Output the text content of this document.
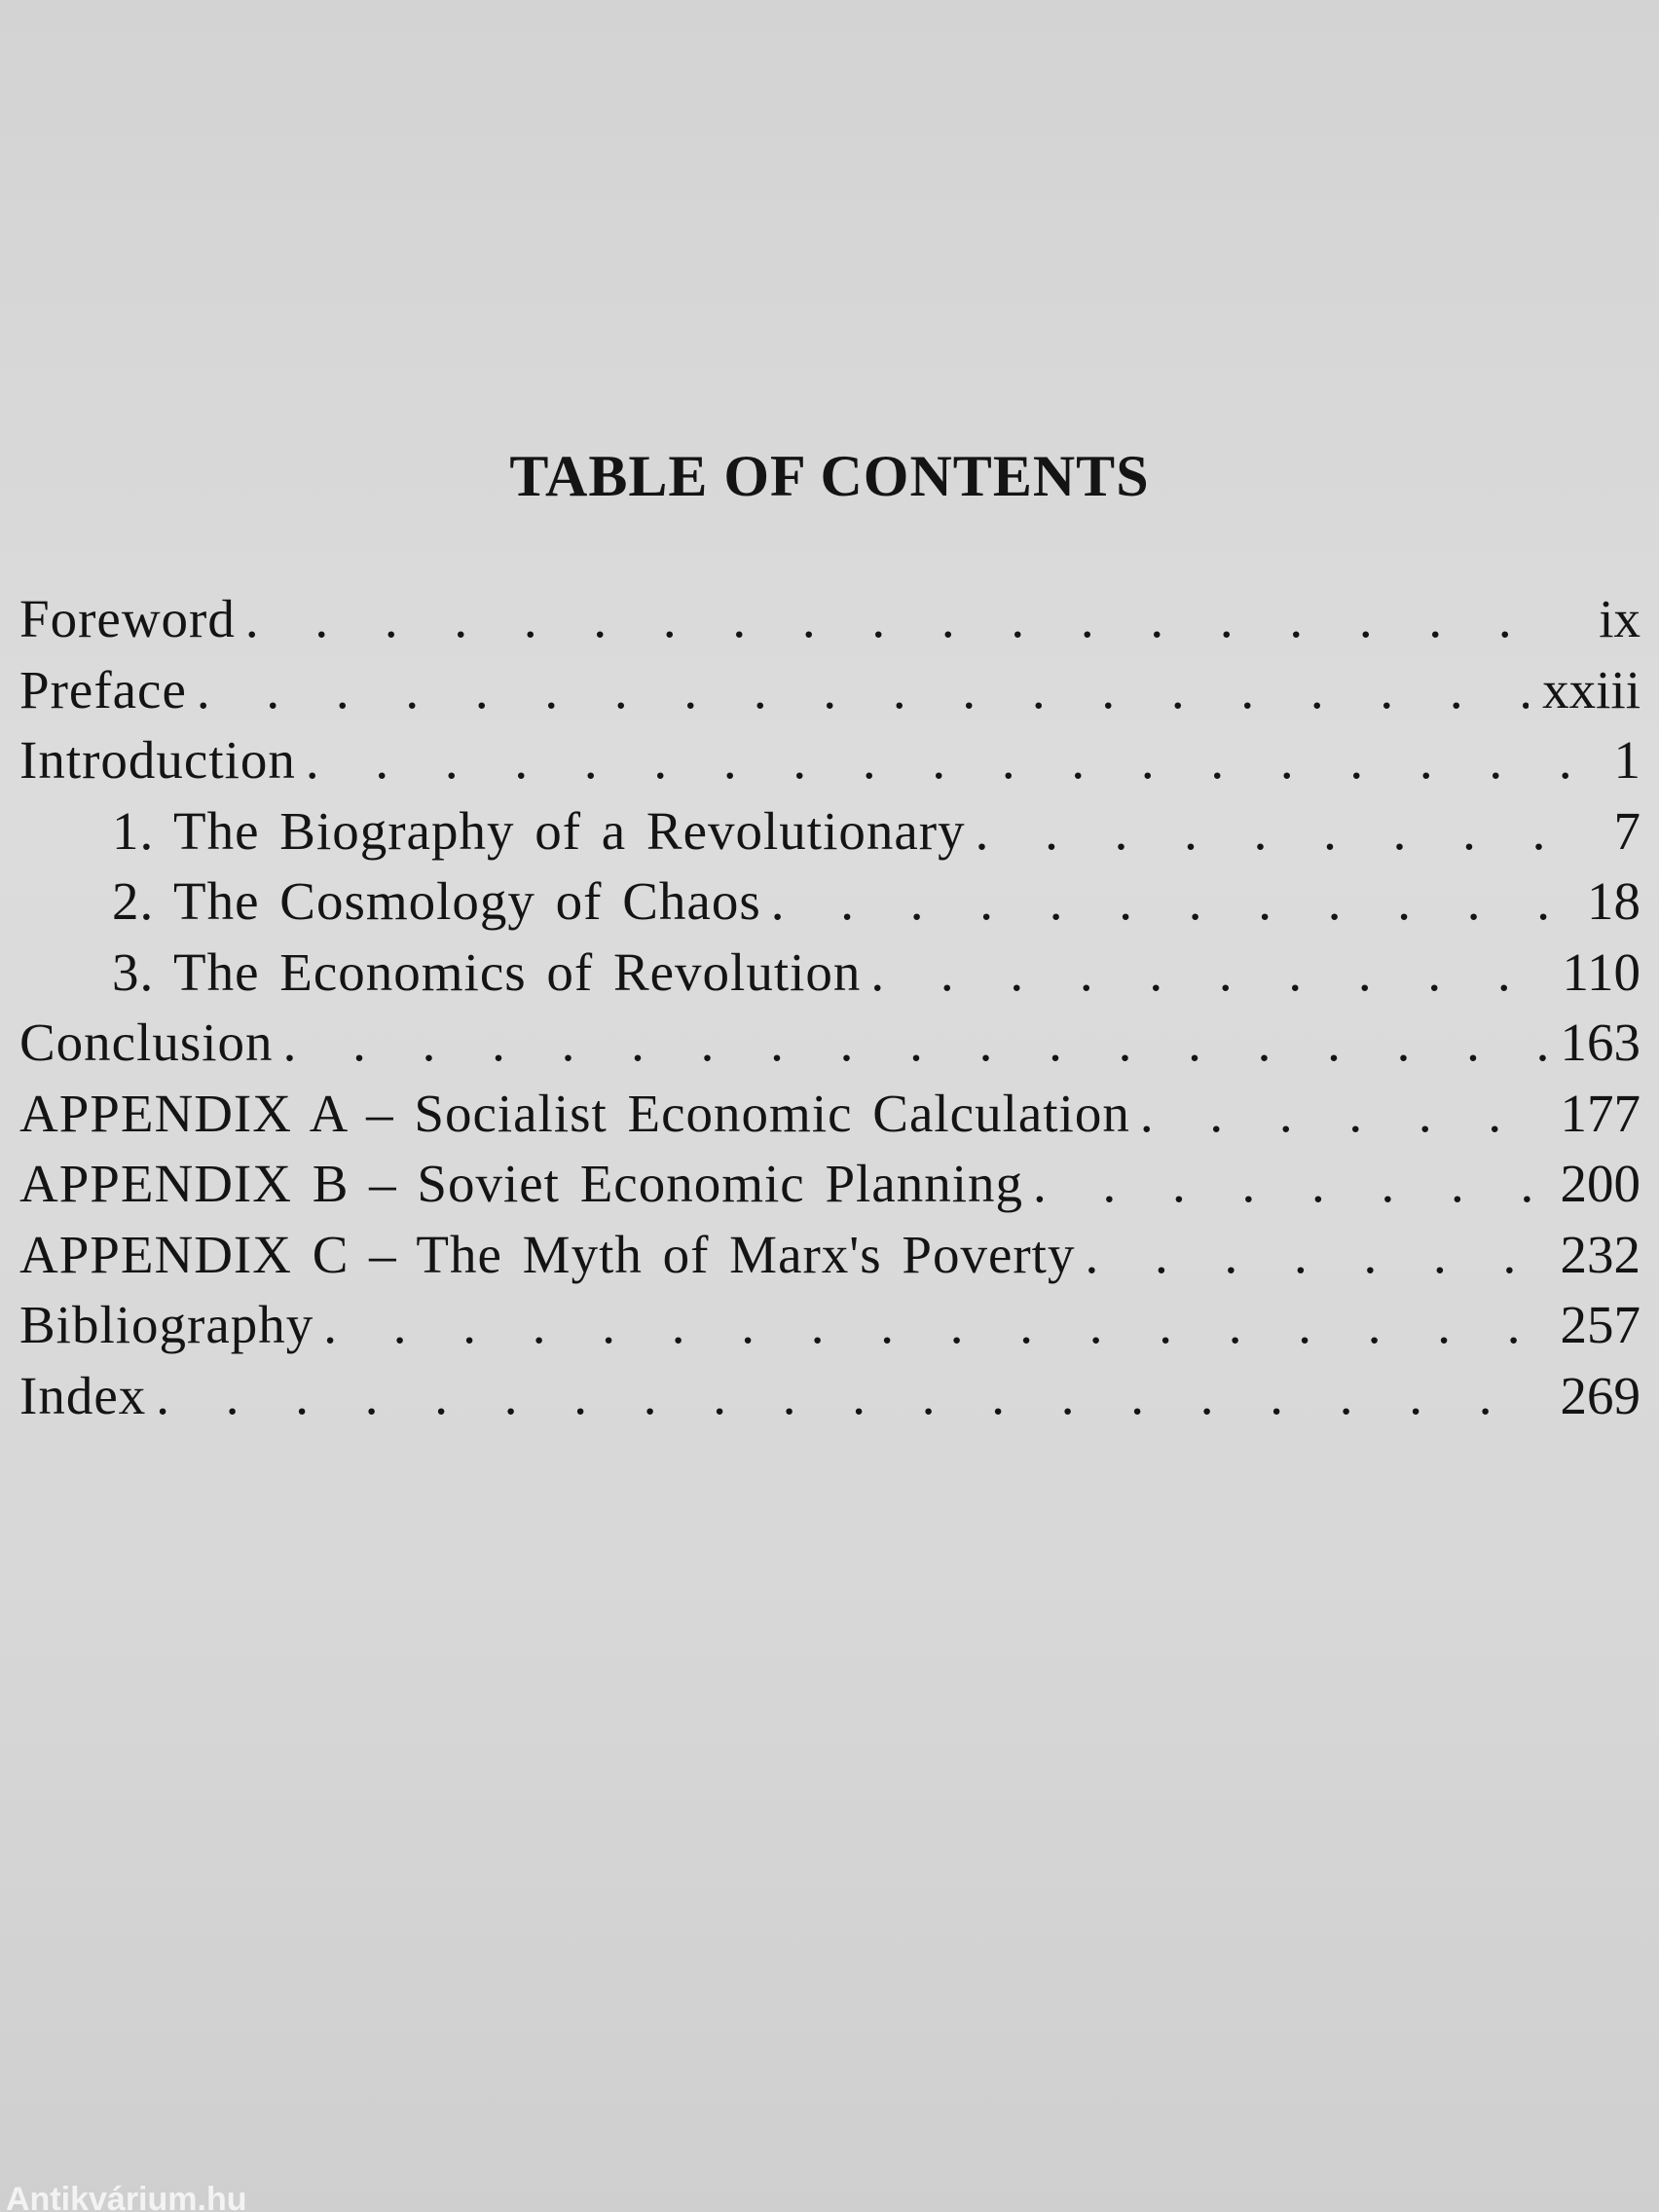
TABLE OF CONTENTS
Foreword . . .	ix
Preface . . .	xxiii
Introduction . . .	1
1. The Biography of a Revolutionary . . .	7
2. The Cosmology of Chaos . . .	18
3. The Economics of Revolution . . .	110
Conclusion . . .	163
APPENDIX A – Socialist Economic Calculation . . .	177
APPENDIX B – Soviet Economic Planning . . .	200
APPENDIX C – The Myth of Marx's Poverty . . .	232
Bibliography . . .	257
Index . . .	269
Antikvárium.hu
